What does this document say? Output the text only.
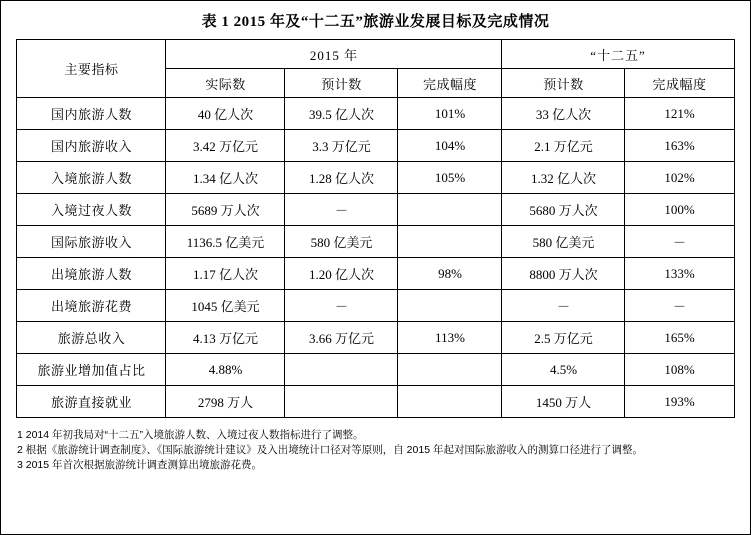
表 1 2015 年及“十二五”旅游业发展目标及完成情况
主要指标	2015 年			“十二五”	
	实际数	预计数	完成幅度	预计数	完成幅度
国内旅游人数	40 亿人次	39.5 亿人次	101%	33 亿人次	121%
国内旅游收入	3.42 万亿元	3.3 万亿元	104%	2.1 万亿元	163%
入境旅游人数	1.34 亿人次	1.28 亿人次	105%	1.32 亿人次	102%
入境过夜人数	5689 万人次	－		5680 万人次	100%
国际旅游收入	1136.5 亿美元	580 亿美元		580 亿美元	－
出境旅游人数	1.17 亿人次	1.20 亿人次	98%	8800 万人次	133%
出境旅游花费	1045 亿美元	－		－	－
旅游总收入	4.13 万亿元	3.66 万亿元	113%	2.5 万亿元	165%
旅游业增加值占比	4.88%			4.5%	108%
旅游直接就业	2798 万人			1450 万人	193%
1 2014 年初我局对“十二五”入境旅游人数、入境过夜人数指标进行了调整。
2 根据《旅游统计调查制度》、《国际旅游统计建议》及入出境统计口径对等原则，自 2015 年起对国际旅游收入的测算口径进行了调整。
3 2015 年首次根据旅游统计调查测算出境旅游花费。
